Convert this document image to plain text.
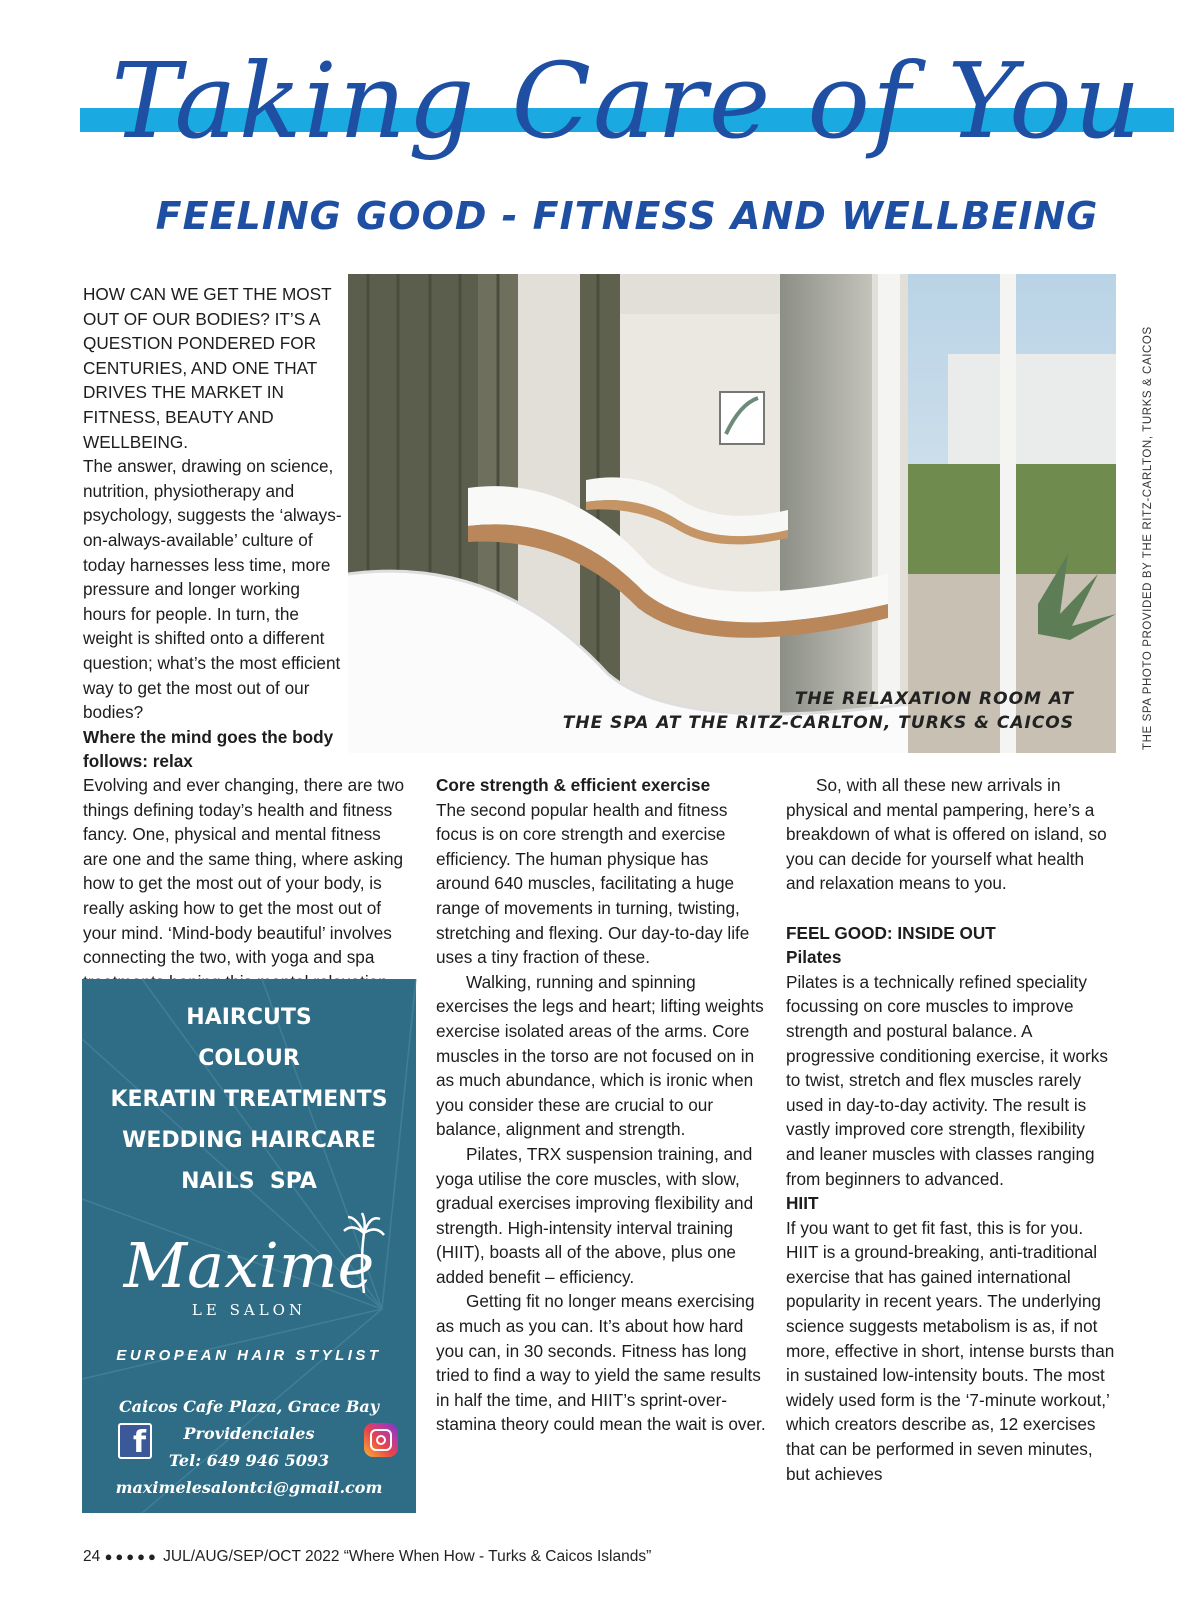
Taking Care of You
FEELING GOOD - FITNESS AND WELLBEING

HOW CAN WE GET THE MOST OUT OF OUR BODIES? IT’S A QUESTION PONDERED FOR CENTURIES, AND ONE THAT DRIVES THE MARKET IN FITNESS, BEAUTY AND WELLBEING.

The answer, drawing on science, nutrition, physiotherapy and psychology, suggests the ‘always-on-always-available’ culture of today harnesses less time, more pressure and longer working hours for people. In turn, the weight is shifted onto a different question; what’s the most efficient way to get the most out of our bodies?

Where the mind goes the body follows: relax

THE RELAXATION ROOM AT
THE SPA AT THE RITZ-CARLTON, TURKS & CAICOS	THE SPA PHOTO PROVIDED BY THE RITZ-CARLTON, TURKS & CAICOS

Evolving and ever changing, there are two things defining today’s health and fitness fancy. One, physical and mental fitness are one and the same thing, where asking how to get the most out of your body, is really asking how to get the most out of your mind. ‘Mind-body beautiful’ involves connecting the two, with yoga and spa

Core strength & efficient exercise

The second popular health and fitness focus is on core strength and exercise efficiency. The human physique has around 640 muscles, facilitating a huge range of movements in turning, twisting, stretching and flexing. Our day-to-day life uses a tiny fraction of these.

Walking, running and spinning exercises the legs and heart; lifting weights exercise isolated areas of the arms. Core muscles in the torso are not focused on in as much abundance, which is ironic when you consider these are crucial to our balance, alignment and strength.

Pilates, TRX suspension training, and yoga utilise the core muscles, with slow, gradual exercises improving flexibility and strength. High-intensity interval training (HIIT), boasts all of the above, plus one added benefit – efficiency.

Getting fit no longer means exercising as much as you can. It’s about how hard you can, in 30 seconds. Fitness has long tried to find a way to yield the same results in half the time, and HIIT’s sprint-over-stamina theory could mean the wait is over.

So, with all these new arrivals in physical and mental pampering, here’s a breakdown of what is offered on island, so you can decide for yourself what health and relaxation means to you.

FEEL GOOD: INSIDE OUT

Pilates

Pilates is a technically refined speciality focussing on core muscles to improve strength and postural balance. A progressive conditioning exercise, it works to twist, stretch and flex muscles rarely used in day-to-day activity. The result is vastly improved core strength, flexibility and leaner muscles with classes ranging from beginners to advanced.

HIIT

If you want to get fit fast, this is for you. HIIT is a ground-breaking, anti-traditional exercise that has gained international popularity in recent years. The underlying science suggests metabolism is as, if not more, effective in short, intense bursts than in sustained low-intensity bouts. The most widely used form is the ‘7-minute workout,’ which creators describe as, 12 exercises that can be performed in seven minutes, but achieves

HAIRCUTS
COLOUR
KERATIN TREATMENTS
WEDDING HAIRCARE
NAILS  SPA
Maxime
LE SALON
EUROPEAN HAIR STYLIST
Caicos Cafe Plaza, Grace Bay
Providenciales
Tel: 649 946 5093
maximelesalontci@gmail.com
f
24 ●●●●● JUL/AUG/SEP/OCT 2022 “Where When How - Turks & Caicos Islands”
